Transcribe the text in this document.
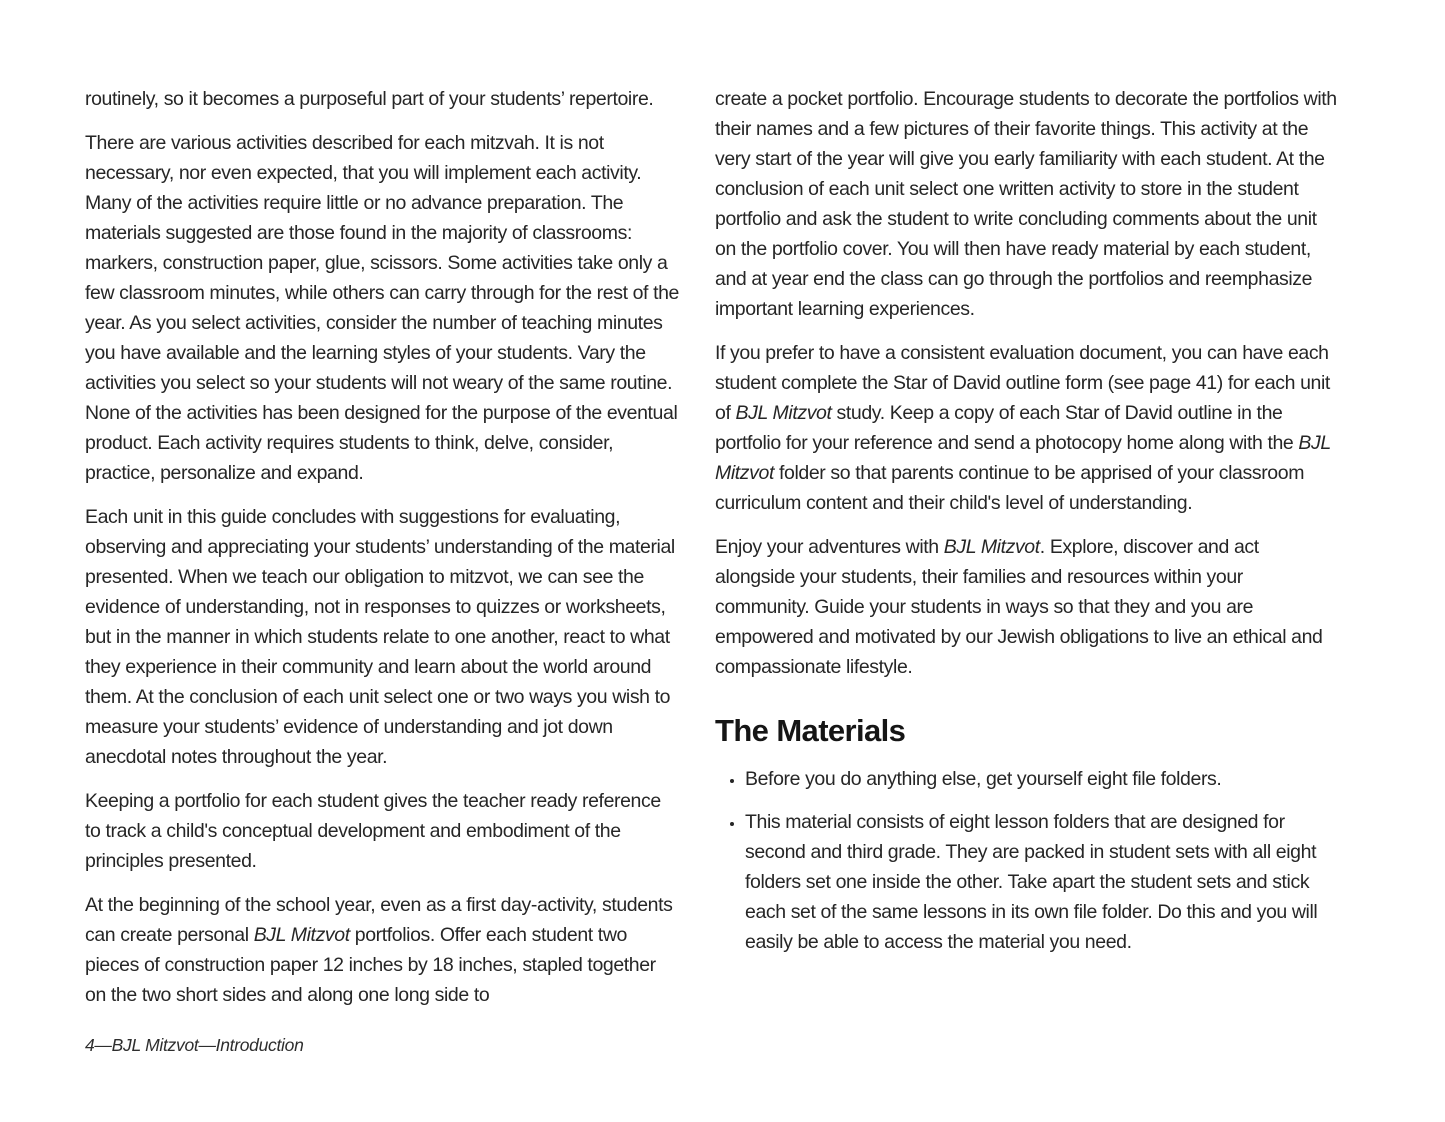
routinely, so it becomes a purposeful part of your students’ repertoire.

There are various activities described for each mitzvah. It is not necessary, nor even expected, that you will implement each activity. Many of the activities require little or no advance preparation. The materials suggested are those found in the majority of classrooms: markers, construction paper, glue, scissors. Some activities take only a few classroom minutes, while others can carry through for the rest of the year. As you select activities, consider the number of teaching minutes you have available and the learning styles of your students. Vary the activities you select so your students will not weary of the same routine. None of the activities has been designed for the purpose of the eventual product. Each activity requires students to think, delve, consider, practice, personalize and expand.

Each unit in this guide concludes with suggestions for evaluating, observing and appreciating your students’ understanding of the material presented. When we teach our obligation to mitzvot, we can see the evidence of understanding, not in responses to quizzes or worksheets, but in the manner in which students relate to one another, react to what they experience in their community and learn about the world around them. At the conclusion of each unit select one or two ways you wish to measure your students’ evidence of understanding and jot down anecdotal notes throughout the year.

Keeping a portfolio for each student gives the teacher ready reference to track a child's conceptual development and embodiment of the principles presented.

At the beginning of the school year, even as a first day-activity, students can create personal BJL Mitzvot portfolios. Offer each student two pieces of construction paper 12 inches by 18 inches, stapled together on the two short sides and along one long side to

create a pocket portfolio. Encourage students to decorate the portfolios with their names and a few pictures of their favorite things. This activity at the very start of the year will give you early familiarity with each student. At the conclusion of each unit select one written activity to store in the student portfolio and ask the student to write concluding comments about the unit on the portfolio cover. You will then have ready material by each student, and at year end the class can go through the portfolios and reemphasize important learning experiences.

If you prefer to have a consistent evaluation document, you can have each student complete the Star of David outline form (see page 41) for each unit of BJL Mitzvot study. Keep a copy of each Star of David outline in the portfolio for your reference and send a photocopy home along with the BJL Mitzvot folder so that parents continue to be apprised of your classroom curriculum content and their child's level of understanding.

Enjoy your adventures with BJL Mitzvot. Explore, discover and act alongside your students, their families and resources within your community. Guide your students in ways so that they and you are empowered and motivated by our Jewish obligations to live an ethical and compassionate lifestyle.

The Materials
• Before you do anything else, get yourself eight file folders.
• This material consists of eight lesson folders that are designed for second and third grade. They are packed in student sets with all eight folders set one inside the other. Take apart the student sets and stick each set of the same lessons in its own file folder. Do this and you will easily be able to access the material you need.
4—BJL Mitzvot—Introduction
